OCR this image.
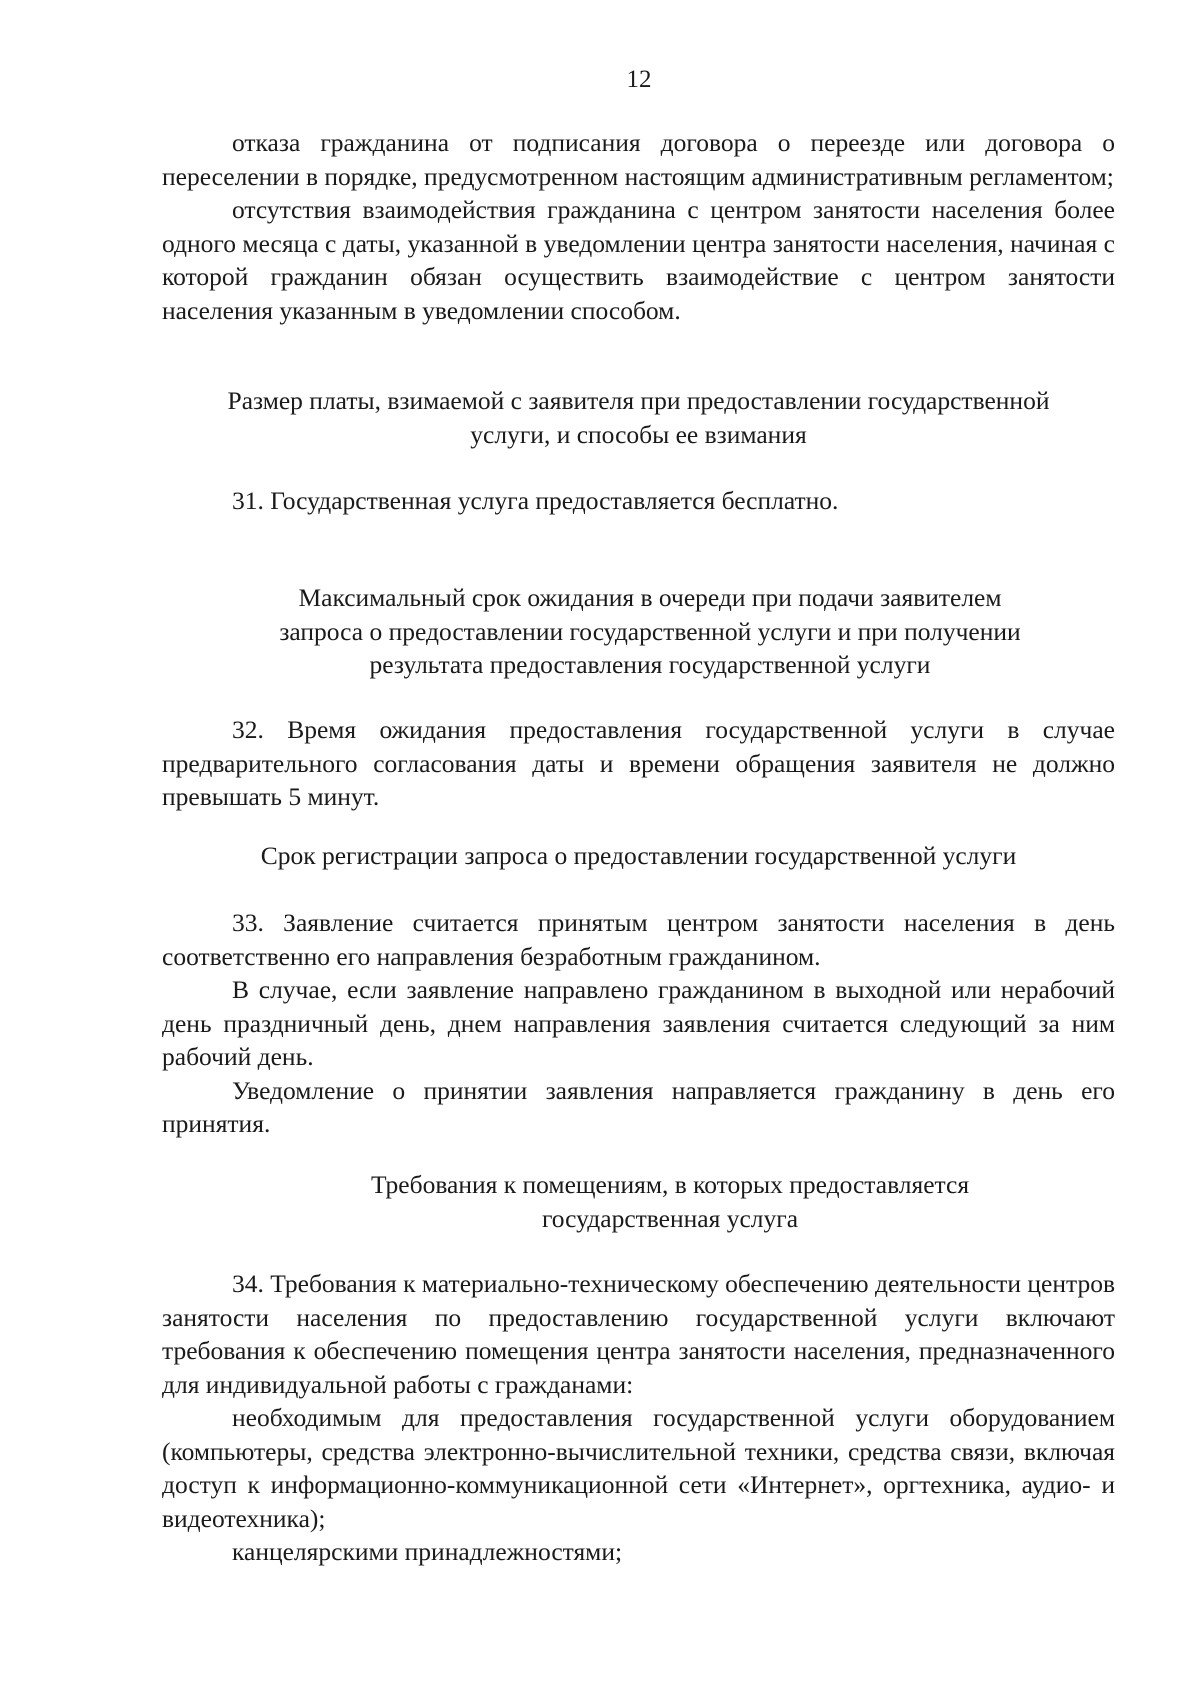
12

отказа гражданина от подписания договора о переезде или договора о переселении в порядке, предусмотренном настоящим административным регламентом;

отсутствия взаимодействия гражданина с центром занятости населения более одного месяца с даты, указанной в уведомлении центра занятости населения, начиная с которой гражданин обязан осуществить взаимодействие с центром занятости населения указанным в уведомлении способом.

Размер платы, взимаемой с заявителя при предоставлении государственной
услуги, и способы ее взимания

31. Государственная услуга предоставляется бесплатно.

Максимальный срок ожидания в очереди при подачи заявителем
запроса о предоставлении государственной услуги и при получении
результата предоставления государственной услуги

32. Время ожидания предоставления государственной услуги в случае предварительного согласования даты и времени обращения заявителя не должно превышать 5 минут.

Срок регистрации запроса о предоставлении государственной услуги

33. Заявление считается принятым центром занятости населения в день соответственно его направления безработным гражданином.

В случае, если заявление направлено гражданином в выходной или нерабочий день праздничный день, днем направления заявления считается следующий за ним рабочий день.

Уведомление о принятии заявления направляется гражданину в день его принятия.

Требования к помещениям, в которых предоставляется
государственная услуга

34. Требования к материально-техническому обеспечению деятельности центров занятости населения по предоставлению государственной услуги включают требования к обеспечению помещения центра занятости населения, предназначенного для индивидуальной работы с гражданами:

необходимым для предоставления государственной услуги оборудованием (компьютеры, средства электронно-вычислительной техники, средства связи, включая доступ к информационно-коммуникационной сети «Интернет», оргтехника, аудио- и видеотехника);

канцелярскими принадлежностями;
